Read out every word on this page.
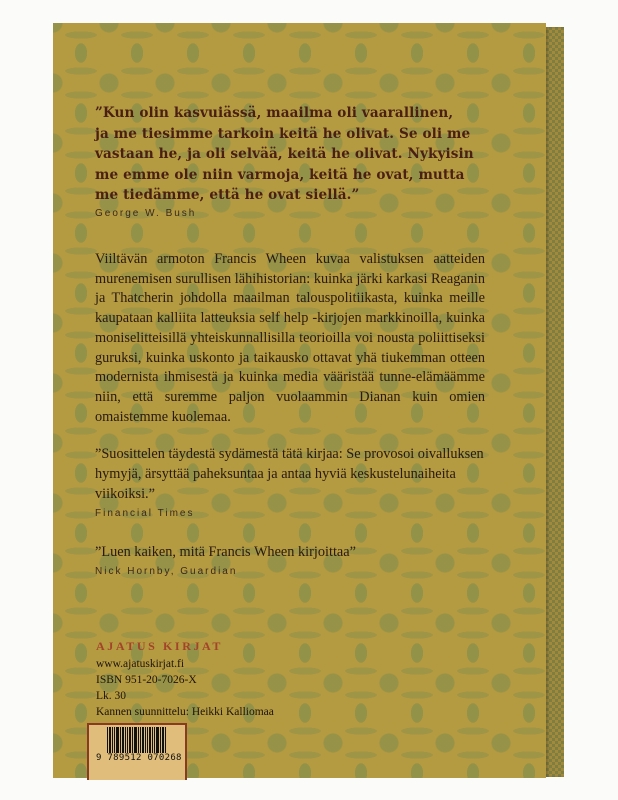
”Kun olin kasvuiässä, maailma oli vaarallinen,
ja me tiesimme tarkoin keitä he olivat. Se oli me
vastaan he, ja oli selvää, keitä he olivat. Nykyisin
me emme ole niin varmoja, keitä he ovat, mutta
me tiedämme, että he ovat siellä.”
George W. Bush
Viiltävän armoton Francis Wheen kuvaa valistuksen aatteiden murenemisen surullisen lähihistorian: kuinka järki karkasi Reaganin ja Thatcherin johdolla maailman talouspolitiikasta, kuinka meille kaupataan kalliita latteuksia self help -kirjojen markkinoilla, kuinka moniselitteisillä yhteiskunnallisilla teorioilla voi nousta poliittiseksi guruksi, kuinka uskonto ja taikausko ottavat yhä tiukemman otteen modernista ihmisestä ja kuinka media vääristää tunne-elämäämme niin, että suremme paljon vuolaammin Dianan kuin omien omaistemme kuolemaa.
”Suosittelen täydestä sydämestä tätä kirjaa: Se provosoi oivalluksen hymyjä, ärsyttää paheksuntaa ja antaa hyviä keskustelunaiheita viikoiksi.”
Financial Times
”Luen kaiken, mitä Francis Wheen kirjoittaa”
Nick Hornby, Guardian
AJATUS KIRJAT
www.ajatuskirjat.fi
ISBN 951-20-7026-X
Lk. 30
Kannen suunnittelu: Heikki Kalliomaa
9 789512 070268
